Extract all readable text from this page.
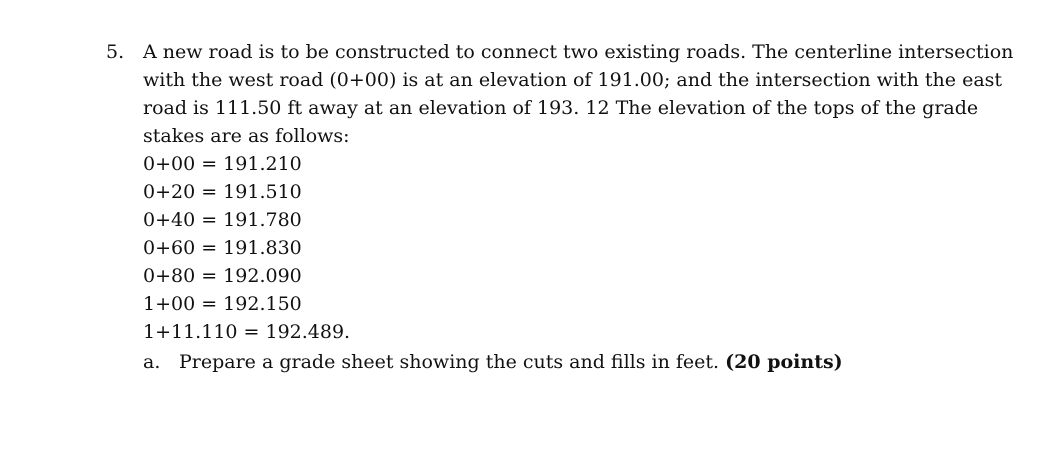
5. A new road is to be constructed to connect two existing roads. The centerline intersection
with the west road (0+00) is at an elevation of 191.00; and the intersection with the east
road is 111.50 ft away at an elevation of 193. 12 The elevation of the tops of the grade
stakes are as follows:
0+00 = 191.210
0+20 = 191.510
0+40 = 191.780
0+60 = 191.830
0+80 = 192.090
1+00 = 192.150
1+11.110 = 192.489.
a. Prepare a grade sheet showing the cuts and fills in feet. (20 points)
